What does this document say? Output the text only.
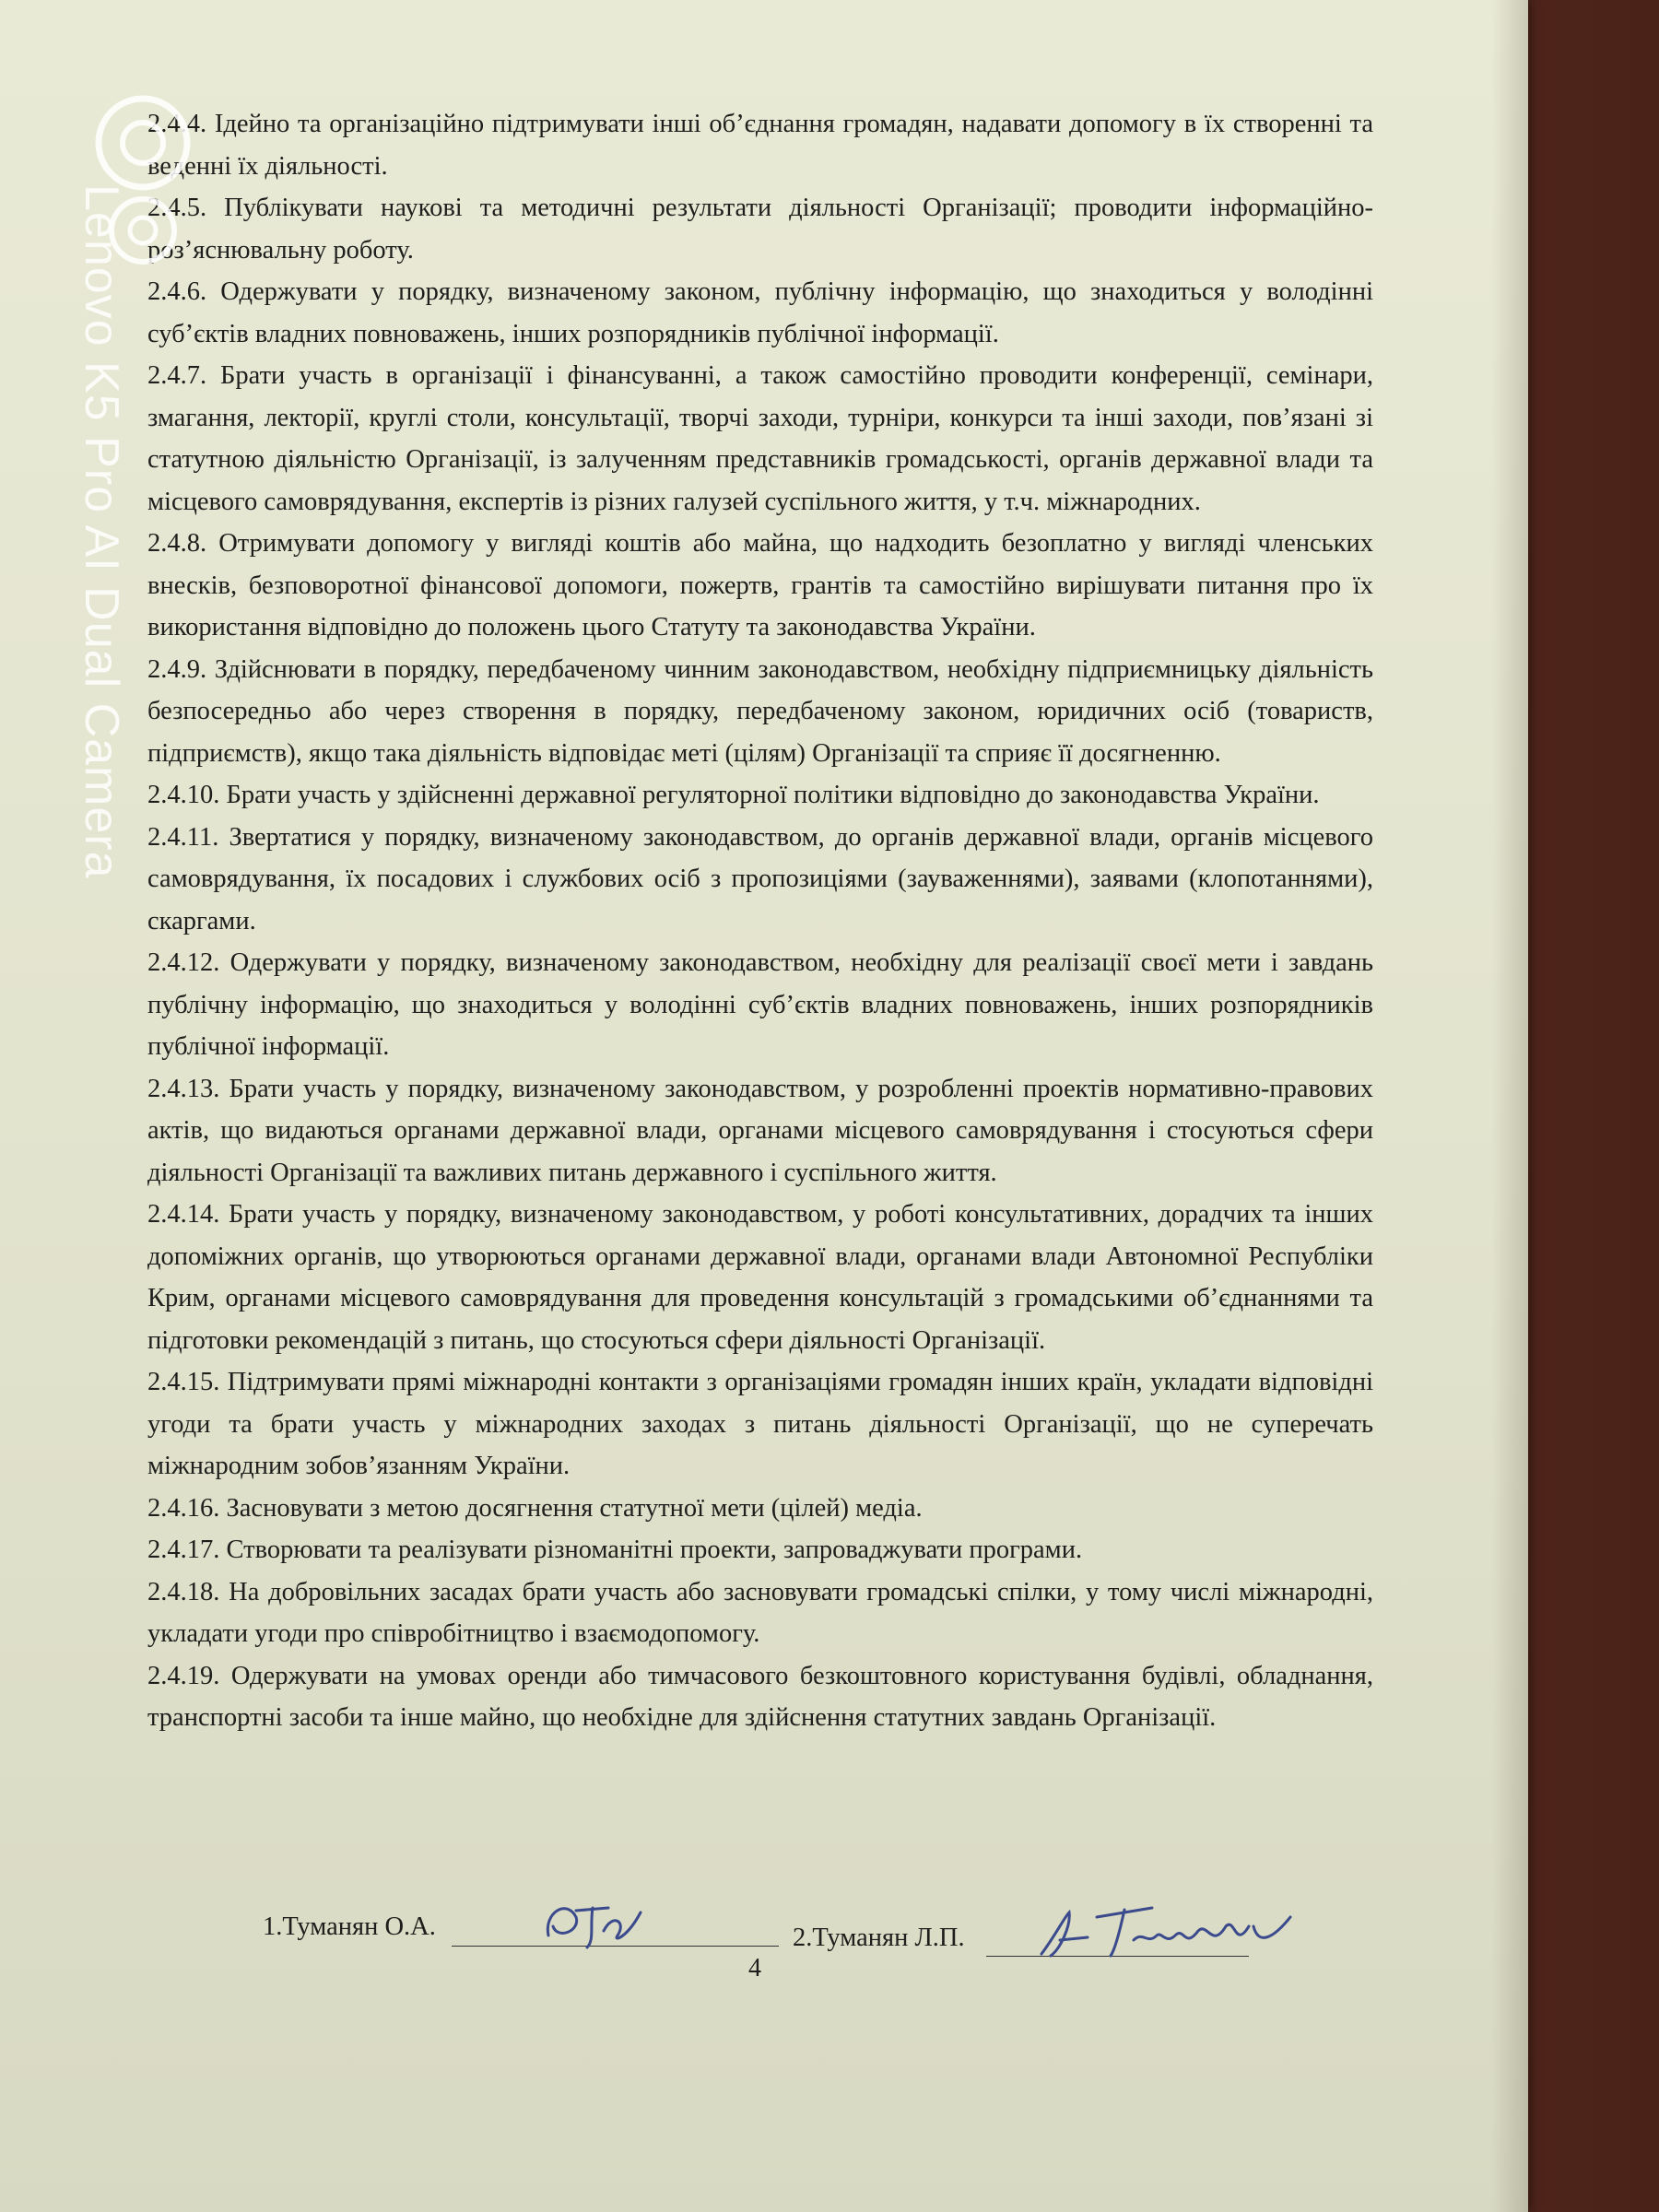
2.4.4. Ідейно та організаційно підтримувати інші об’єднання громадян, надавати допомогу в їх створенні та веденні їх діяльності.

2.4.5. Публікувати наукові та методичні результати діяльності Організації; проводити інформаційно-роз’яснювальну роботу.

2.4.6. Одержувати у порядку, визначеному законом, публічну інформацію, що знаходиться у володінні суб’єктів владних повноважень, інших розпорядників публічної інформації.

2.4.7. Брати участь в організації і фінансуванні, а також самостійно проводити конференції, семінари, змагання, лекторії, круглі столи, консультації, творчі заходи, турніри, конкурси та інші заходи, пов’язані зі статутною діяльністю Організації, із залученням представників громадськості, органів державної влади та місцевого самоврядування, експертів із різних галузей суспільного життя, у т.ч. міжнародних.

2.4.8. Отримувати допомогу у вигляді коштів або майна, що надходить безоплатно у вигляді членських внесків, безповоротної фінансової допомоги, пожертв, грантів та самостійно вирішувати питання про їх використання відповідно до положень цього Статуту та законодавства України.

2.4.9. Здійснювати в порядку, передбаченому чинним законодавством, необхідну підприємницьку діяльність безпосередньо або через створення в порядку, передбаченому законом, юридичних осіб (товариств, підприємств), якщо така діяльність відповідає меті (цілям) Організації та сприяє її досягненню.

2.4.10. Брати участь у здійсненні державної регуляторної політики відповідно до законодавства України.

2.4.11. Звертатися у порядку, визначеному законодавством, до органів державної влади, органів місцевого самоврядування, їх посадових і службових осіб з пропозиціями (зауваженнями), заявами (клопотаннями), скаргами.

2.4.12. Одержувати у порядку, визначеному законодавством, необхідну для реалізації своєї мети і завдань публічну інформацію, що знаходиться у володінні суб’єктів владних повноважень, інших розпорядників публічної інформації.

2.4.13. Брати участь у порядку, визначеному законодавством, у розробленні проектів нормативно-правових актів, що видаються органами державної влади, органами місцевого самоврядування і стосуються сфери діяльності Організації та важливих питань державного і суспільного життя.

2.4.14. Брати участь у порядку, визначеному законодавством, у роботі консультативних, дорадчих та інших допоміжних органів, що утворюються органами державної влади, органами влади Автономної Республіки Крим, органами місцевого самоврядування для проведення консультацій з громадськими об’єднаннями та підготовки рекомендацій з питань, що стосуються сфери діяльності Організації.

2.4.15. Підтримувати прямі міжнародні контакти з організаціями громадян інших країн, укладати відповідні угоди та брати участь у міжнародних заходах з питань діяльності Організації, що не суперечать міжнародним зобов’язанням України.

2.4.16. Засновувати з метою досягнення статутної мети (цілей) медіа.

2.4.17. Створювати та реалізувати різноманітні проекти, запроваджувати програми.

2.4.18. На добровільних засадах брати участь або засновувати громадські спілки, у тому числі міжнародні, укладати угоди про співробітництво і взаємодопомогу.

2.4.19. Одержувати на умовах оренди або тимчасового безкоштовного користування будівлі, обладнання, транспортні засоби та інше майно, що необхідне для здійснення статутних завдань Організації.

1.Туманян О.А.	2.Туманян Л.П.
4
Lenovo K5 Pro AI Dual Camera
